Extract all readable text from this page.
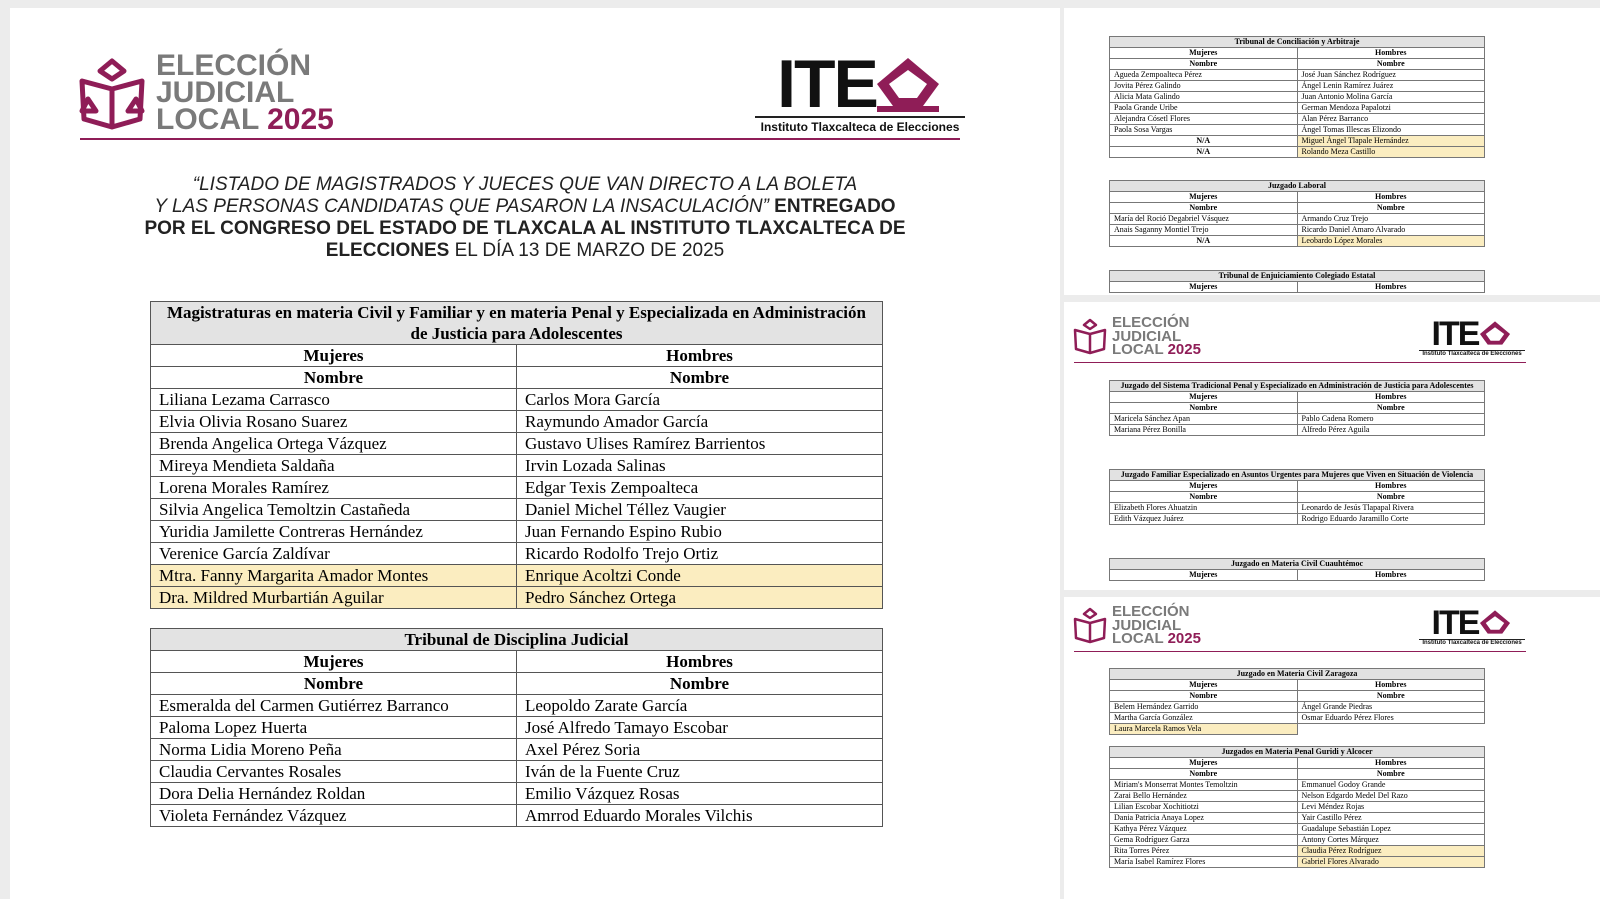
ELECCIÓN
JUDICIAL
LOCAL 2025	ITE
Instituto Tlaxcalteca de Elecciones
“LISTADO DE MAGISTRADOS Y JUECES QUE VAN DIRECTO A LA BOLETA
Y LAS PERSONAS CANDIDATAS QUE PASARON LA INSACULACIÓN” ENTREGADO
POR EL CONGRESO DEL ESTADO DE TLAXCALA AL INSTITUTO TLAXCALTECA DE
ELECCIONES EL DÍA 13 DE MARZO DE 2025
Magistraturas en materia Civil y Familiar y en materia Penal y Especializada en Administración de Justicia para Adolescentes	
Mujeres	Hombres
Nombre	Nombre
Liliana Lezama Carrasco	Carlos Mora García
Elvia Olivia Rosano Suarez	Raymundo Amador García
Brenda Angelica Ortega Vázquez	Gustavo Ulises Ramírez Barrientos
Mireya Mendieta Saldaña	Irvin Lozada Salinas
Lorena Morales Ramírez	Edgar Texis Zempoalteca
Silvia Angelica Temoltzin Castañeda	Daniel Michel Téllez Vaugier
Yuridia Jamilette Contreras Hernández	Juan Fernando Espino Rubio
Verenice García Zaldívar	Ricardo Rodolfo Trejo Ortiz
Mtra. Fanny Margarita Amador Montes	Enrique Acoltzi Conde
Dra. Mildred Murbartián Aguilar	Pedro Sánchez Ortega
Tribunal de Disciplina Judicial	
Mujeres	Hombres
Nombre	Nombre
Esmeralda del Carmen Gutiérrez Barranco	Leopoldo Zarate García
Paloma Lopez Huerta	José Alfredo Tamayo Escobar
Norma Lidia Moreno Peña	Axel Pérez Soria
Claudia Cervantes Rosales	Iván de la Fuente Cruz
Dora Delia Hernández Roldan	Emilio Vázquez Rosas
Violeta Fernández Vázquez	Amrrod Eduardo Morales Vilchis
Tribunal de Conciliación y Arbitraje	
Mujeres	Hombres
Nombre	Nombre
Agueda Zempoalteca Pérez	José Juan Sánchez Rodríguez
Jovita Pérez Galindo	Ángel Lenin Ramírez Juárez
Alicia Mata Galindo	Juan Antonio Molina García
Paola Grande Uribe	German Mendoza Papalotzi
Alejandra Cósetl Flores	Alan Pérez Barranco
Paola Sosa Vargas	Ángel Tomas Illescas Elizondo
N/A	Miguel Ángel Tlapale Hernández
N/A	Rolando Meza Castillo
Juzgado Laboral	
Mujeres	Hombres
Nombre	Nombre
María del Roció Degabriel Vásquez	Armando Cruz Trejo
Anais Saganny Montiel Trejo	Ricardo Daniel Amaro Alvarado
N/A	Leobardo López Morales
Tribunal de Enjuiciamiento Colegiado Estatal
Mujeres	Hombres
ELECCIÓN
JUDICIAL
LOCAL 2025	ITE
Instituto Tlaxcalteca de Elecciones
Juzgado del Sistema Tradicional Penal y Especializado en Administración de Justicia para Adolescentes	
Mujeres	Hombres
Nombre	Nombre
Maricela Sánchez Apan	Pablo Cadena Romero
Mariana Pérez Bonilla	Alfredo Pérez Aguila
Juzgado Familiar Especializado en Asuntos Urgentes para Mujeres que Viven en Situación de Violencia	
Mujeres	Hombres
Nombre	Nombre
Elizabeth Flores Ahuatzin	Leonardo de Jesús Tlapapal Rivera
Edith Vázquez Juárez	Rodrigo Eduardo Jaramillo Corte
Juzgado en Materia Civil Cuauhtémoc
Mujeres	Hombres
ELECCIÓN
JUDICIAL
LOCAL 2025	ITE
Instituto Tlaxcalteca de Elecciones
Juzgado en Materia Civil Zaragoza	
Mujeres	Hombres
Nombre	Nombre
Belem Hernández Garrido	Ángel Grande Piedras
Martha García González	Osmar Eduardo Pérez Flores
Laura Marcela Ramos Vela	
Juzgados en Materia Penal Guridi y Alcocer	
Mujeres	Hombres
Nombre	Nombre
Miriam's Monserrat Montes Temoltzin	Emmanuel Godoy Grande
Zarai Bello Hernández	Nelson Edgardo Medel Del Razo
Lilian Escobar Xochitiotzi	Levi Méndez Rojas
Dania Patricia Anaya Lopez	Yair Castillo Pérez
Kathya Pérez Vázquez	Guadalupe Sebastián Lopez
Gema Rodríguez Garza	Antony Cortes Márquez
Rita Torres Pérez	Claudia Pérez Rodríguez
María Isabel Ramírez Flores	Gabriel Flores Alvarado
